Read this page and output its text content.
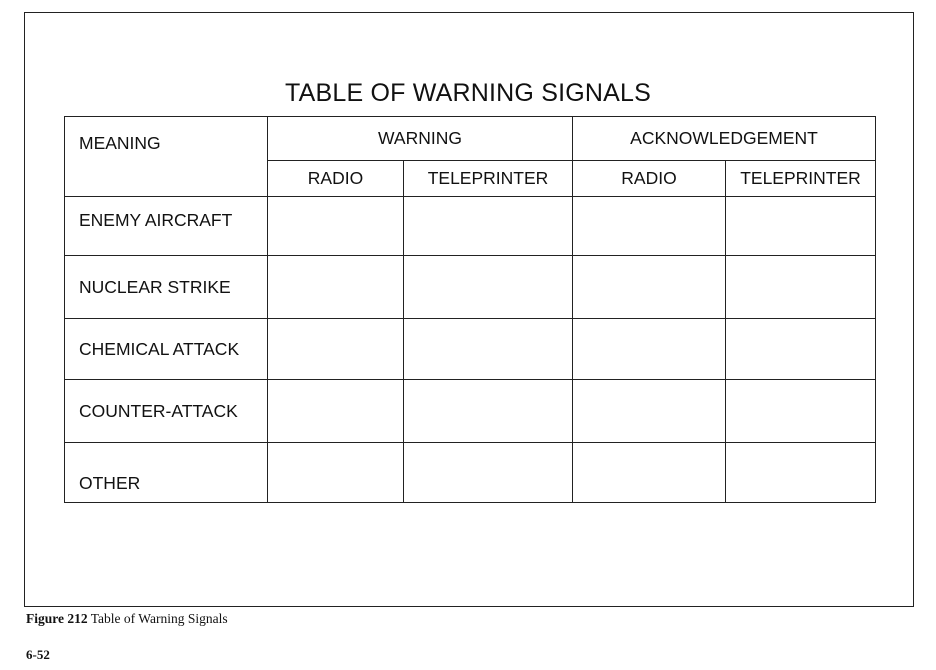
TABLE OF WARNING SIGNALS
MEANING	WARNING		ACKNOWLEDGEMENT	
	RADIO	TELEPRINTER	RADIO	TELEPRINTER
ENEMY AIRCRAFT				
NUCLEAR STRIKE				
CHEMICAL ATTACK				
COUNTER-ATTACK				
OTHER				
Figure 212 Table of Warning Signals
6-52
